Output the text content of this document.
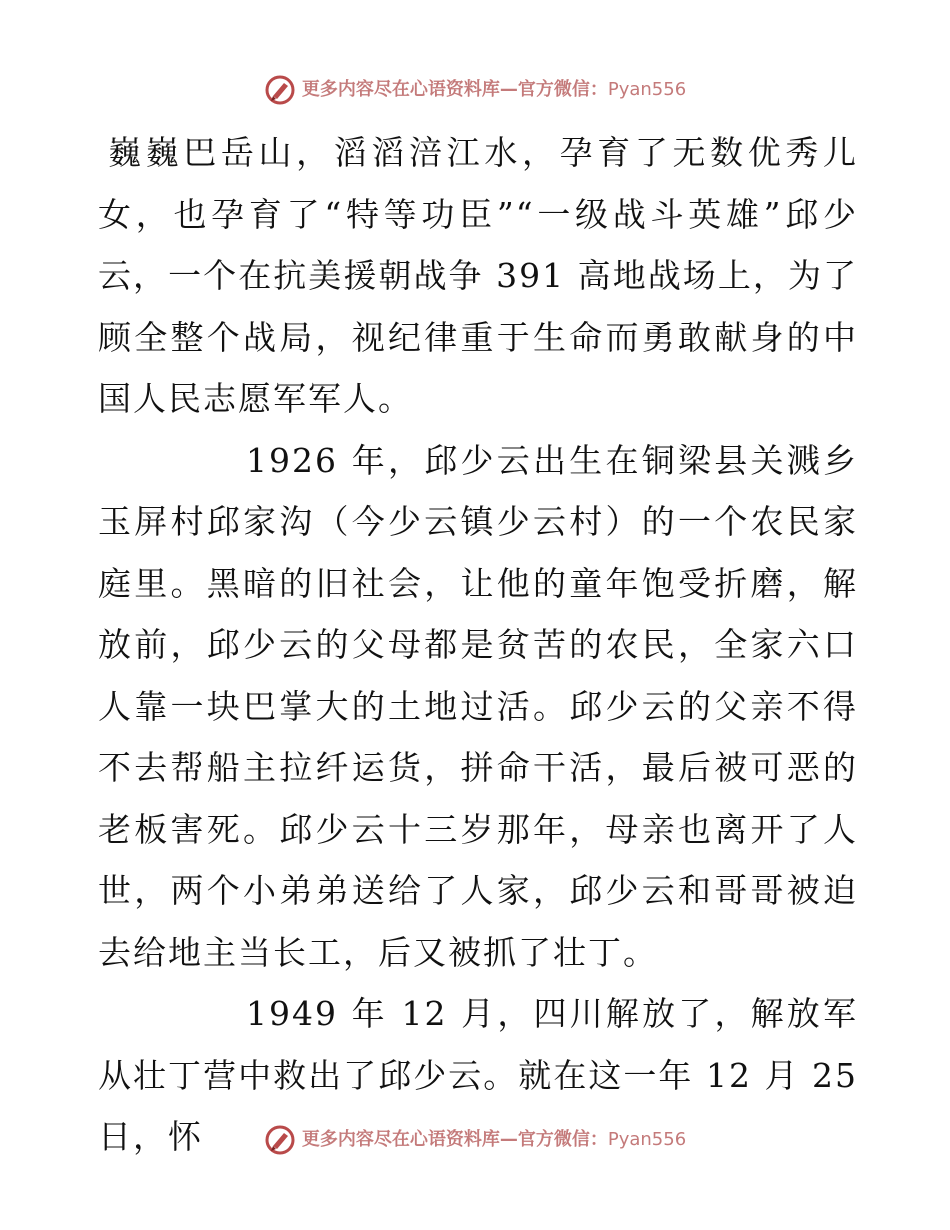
更多内容尽在心语资料库—官方微信：Pyan556

巍巍巴岳山，滔滔涪江水，孕育了无数优秀儿女，也孕育了“特等功臣”“一级战斗英雄”邱少云，一个在抗美援朝战争 391 高地战场上，为了顾全整个战局，视纪律重于生命而勇敢献身的中国人民志愿军军人。

1926 年，邱少云出生在铜梁县关溅乡玉屏村邱家沟（今少云镇少云村）的一个农民家庭里。黑暗的旧社会，让他的童年饱受折磨，解放前，邱少云的父母都是贫苦的农民，全家六口人靠一块巴掌大的土地过活。邱少云的父亲不得不去帮船主拉纤运货，拼命干活，最后被可恶的老板害死。邱少云十三岁那年，母亲也离开了人世，两个小弟弟送给了人家，邱少云和哥哥被迫去给地主当长工，后又被抓了壮丁。

1949 年 12 月，四川解放了，解放军从壮丁营中救出了邱少云。就在这一年 12 月 25 日，怀	更多内容尽在心语资料库—官方微信：Pyan556
